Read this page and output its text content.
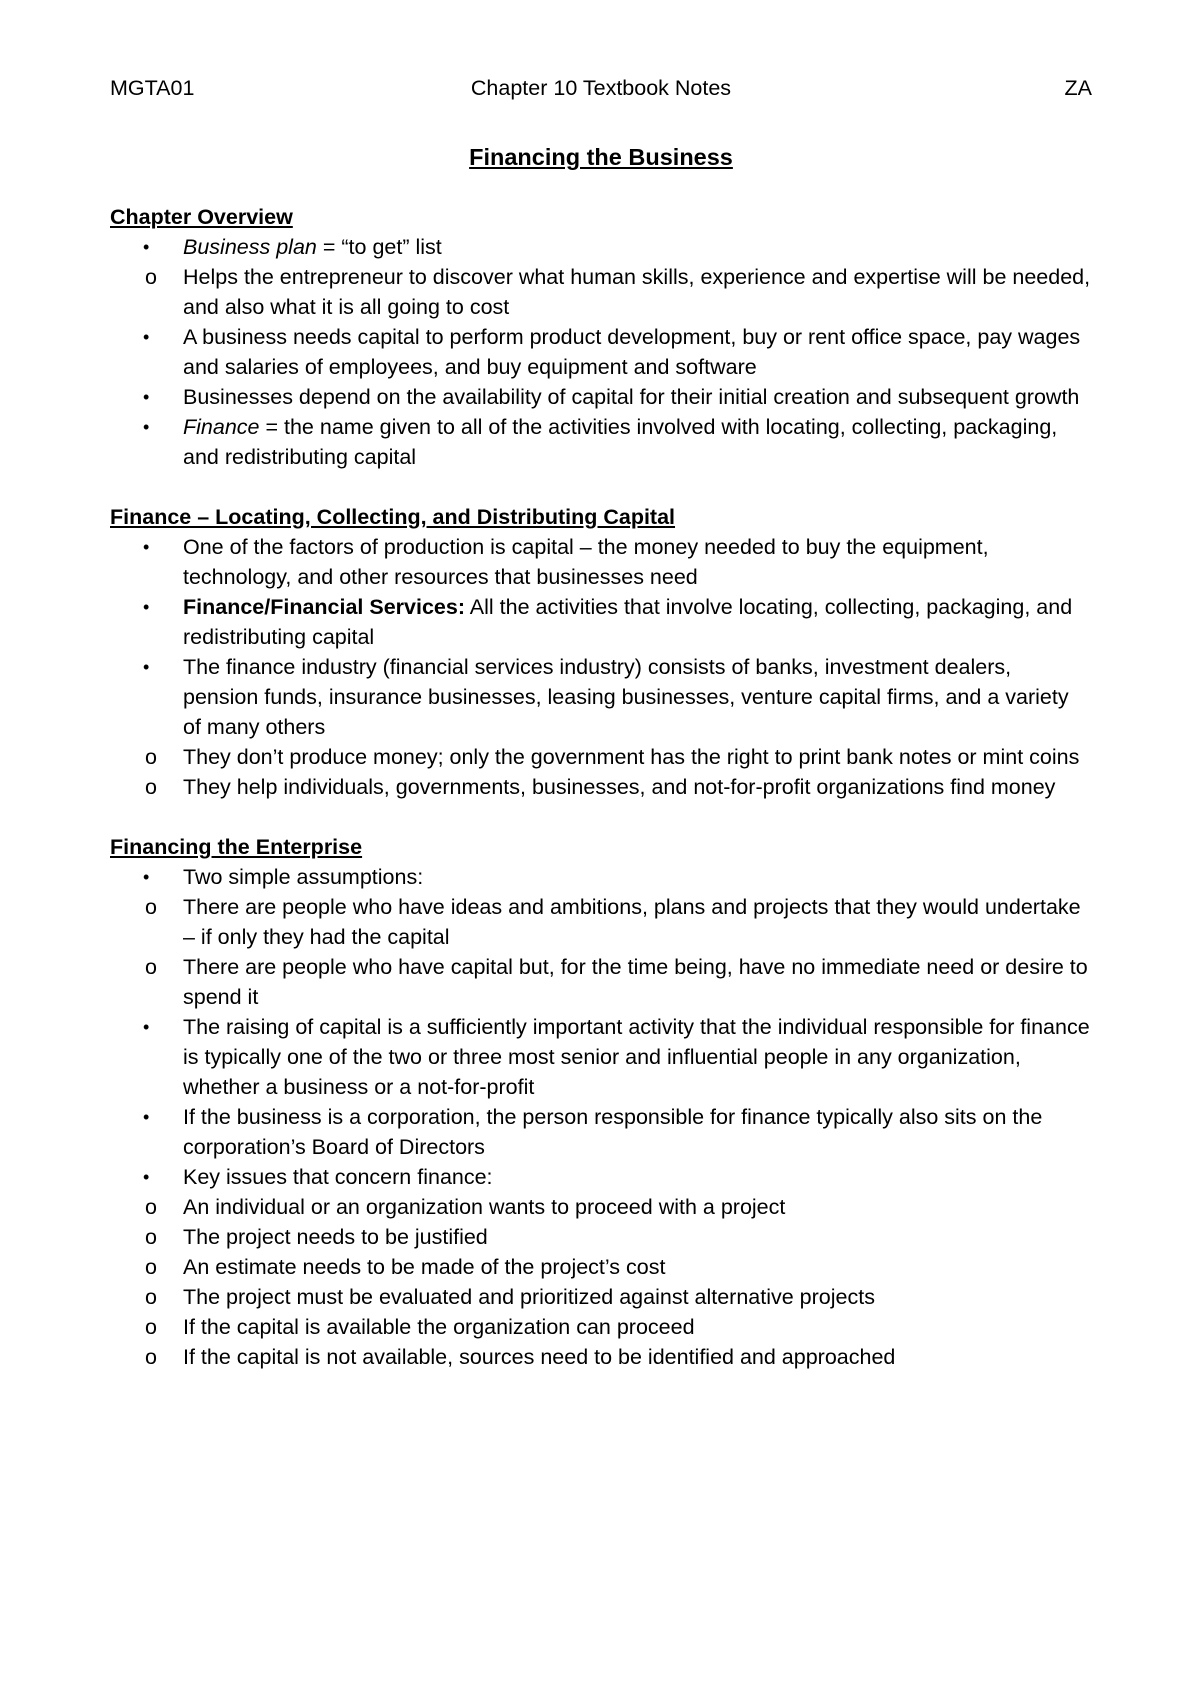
MGTA01	Chapter 10 Textbook Notes	ZA
Financing the Business
Chapter Overview
• Business plan = “to get” list
o Helps the entrepreneur to discover what human skills, experience and expertise will be needed, and also what it is all going to cost
• A business needs capital to perform product development, buy or rent office space, pay wages and salaries of employees, and buy equipment and software
• Businesses depend on the availability of capital for their initial creation and subsequent growth
• Finance = the name given to all of the activities involved with locating, collecting, packaging, and redistributing capital
Finance – Locating, Collecting, and Distributing Capital
• One of the factors of production is capital – the money needed to buy the equipment, technology, and other resources that businesses need
• Finance/Financial Services: All the activities that involve locating, collecting, packaging, and redistributing capital
• The finance industry (financial services industry) consists of banks, investment dealers, pension funds, insurance businesses, leasing businesses, venture capital firms, and a variety of many others
o They don’t produce money; only the government has the right to print bank notes or mint coins
o They help individuals, governments, businesses, and not-for-profit organizations find money
Financing the Enterprise
• Two simple assumptions:
o There are people who have ideas and ambitions, plans and projects that they would undertake – if only they had the capital
o There are people who have capital but, for the time being, have no immediate need or desire to spend it
• The raising of capital is a sufficiently important activity that the individual responsible for finance is typically one of the two or three most senior and influential people in any organization, whether a business or a not-for-profit
• If the business is a corporation, the person responsible for finance typically also sits on the corporation’s Board of Directors
• Key issues that concern finance:
o An individual or an organization wants to proceed with a project
o The project needs to be justified
o An estimate needs to be made of the project’s cost
o The project must be evaluated and prioritized against alternative projects
o If the capital is available the organization can proceed
o If the capital is not available, sources need to be identified and approached
